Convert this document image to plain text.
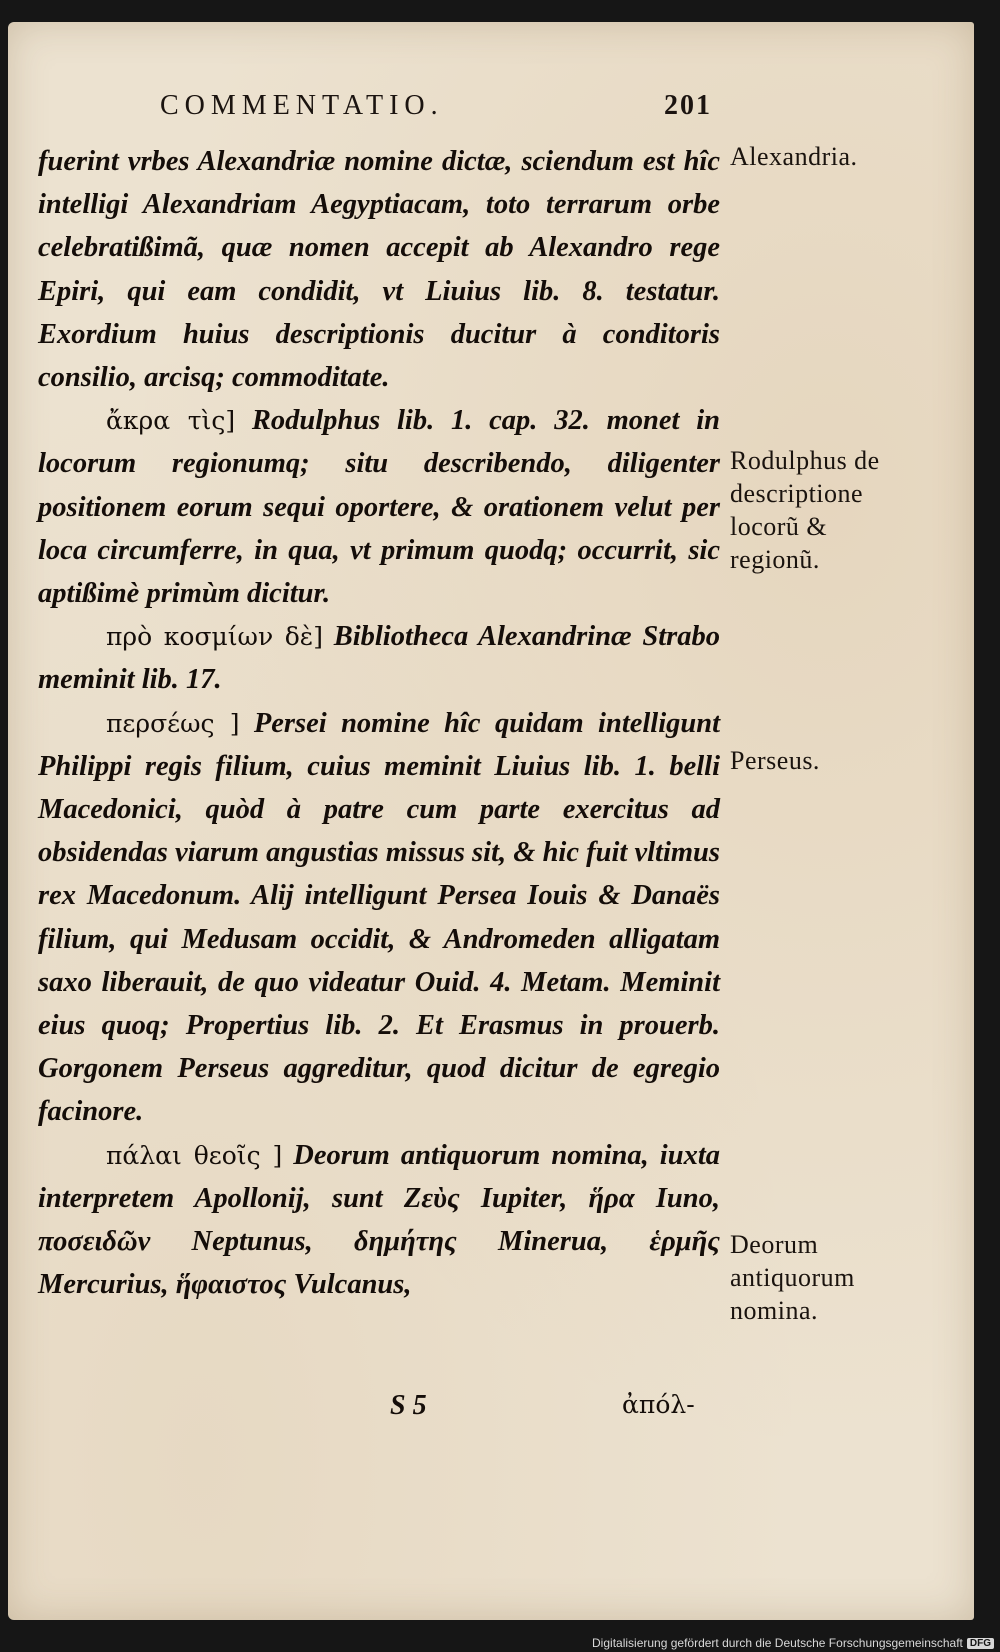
COMMENTATIO.	201

fuerint vrbes Alexandriæ nomine dictæ, sciendum est hîc intelligi Alexandriam Aegyptiacam, toto terrarum orbe celebratißimã, quæ nomen accepit ab Alexandro rege Epiri, qui eam condidit, vt Liuius lib. 8. testatur. Exordium huius descriptionis ducitur à conditoris consilio, arcisq; commoditate.

ἄκρα τὶς] Rodulphus lib. 1. cap. 32. monet in locorum regionumq; situ describendo, diligenter positionem eorum sequi oportere, & orationem velut per loca circumferre, in qua, vt primum quodq; occurrit, sic aptißimè primùm dicitur.

πρὸ κοσμίων δὲ] Bibliotheca Alexandrinæ Strabo meminit lib. 17.

περσέως ] Persei nomine hîc quidam intelligunt Philippi regis filium, cuius meminit Liuius lib. 1. belli Macedonici, quòd à patre cum parte exercitus ad obsidendas viarum angustias missus sit, & hic fuit vltimus rex Macedonum. Alij intelligunt Persea Iouis & Danaës filium, qui Medusam occidit, & Andromeden alligatam saxo liberauit, de quo videatur Ouid. 4. Metam. Meminit eius quoq; Propertius lib. 2. Et Erasmus in prouerb. Gorgonem Perseus aggreditur, quod dicitur de egregio facinore.

πάλαι θεοῖς ] Deorum antiquorum nomina, iuxta interpretem Apollonij, sunt Ζεὺς Iupiter, ἥρα Iuno, ποσειδῶν Neptunus, δημήτης Minerua, ἑρμῆς Mercurius, ἥφαιστος Vulcanus,

Alexandria.
Rodulphus de descriptione locorũ & regionũ.
Perseus.
Deorum antiquorum nomina.
S 5	ἀπόλ-
Digitalisierung gefördert durch die Deutsche Forschungsgemeinschaft DFG
